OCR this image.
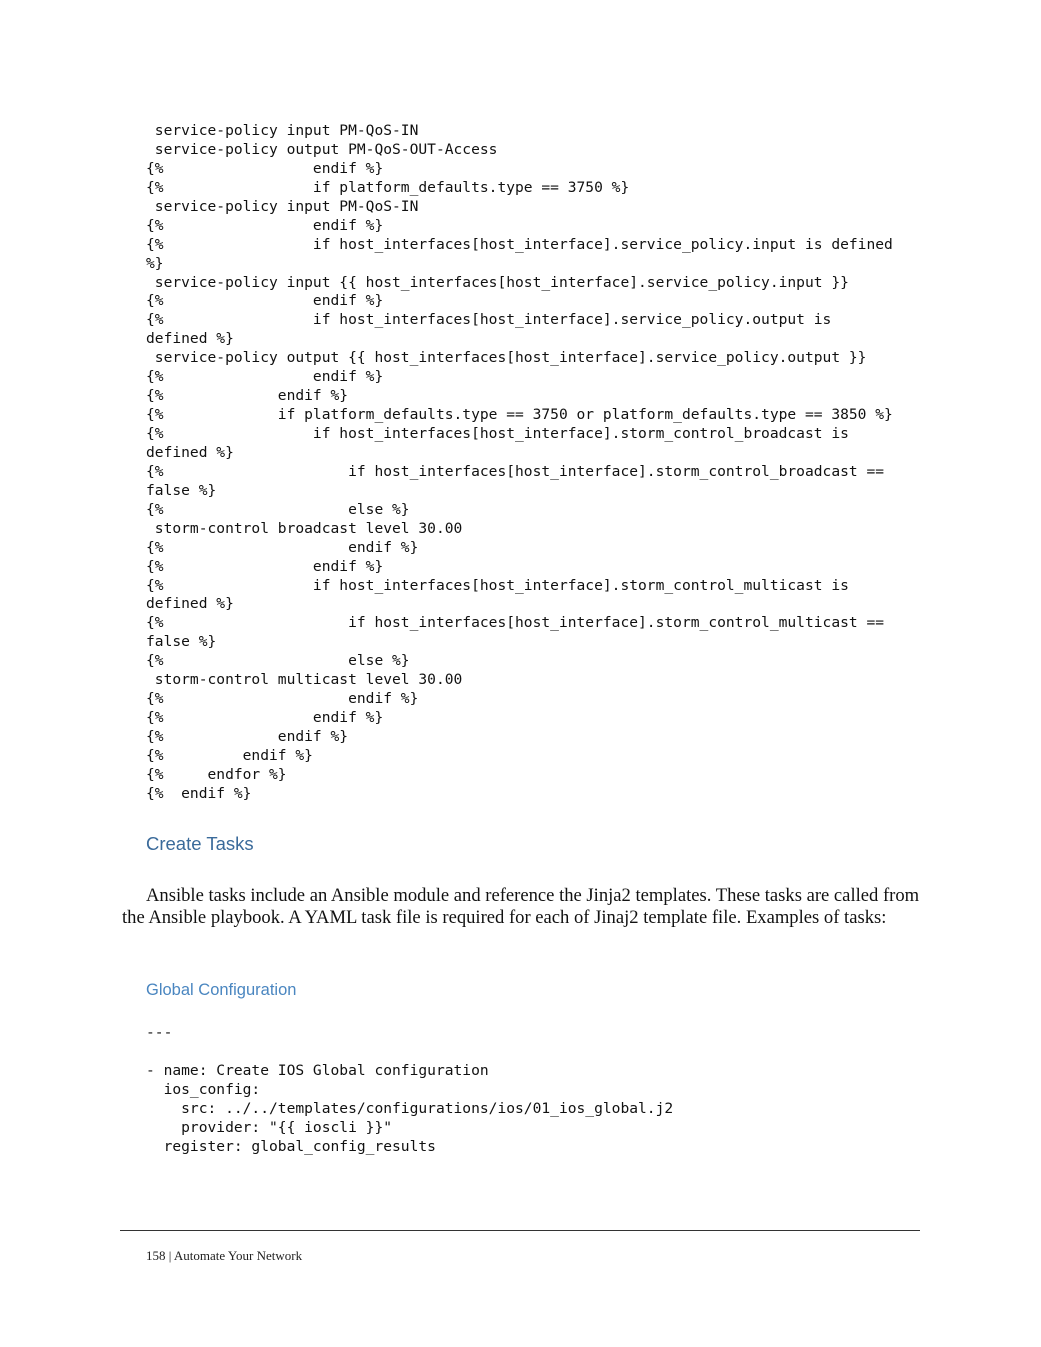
service-policy input PM-QoS-IN
service-policy output PM-QoS-OUT-Access
{%                 endif %}
{%                 if platform_defaults.type == 3750 %}
service-policy input PM-QoS-IN
{%                 endif %}
{%                 if host_interfaces[host_interface].service_policy.input is defined
%}
service-policy input {{ host_interfaces[host_interface].service_policy.input }}
{%                 endif %}
{%                 if host_interfaces[host_interface].service_policy.output is
defined %}
service-policy output {{ host_interfaces[host_interface].service_policy.output }}
{%                 endif %}
{%             endif %}
{%             if platform_defaults.type == 3750 or platform_defaults.type == 3850 %}
{%                 if host_interfaces[host_interface].storm_control_broadcast is
defined %}
{%                     if host_interfaces[host_interface].storm_control_broadcast ==
false %}
{%                     else %}
storm-control broadcast level 30.00
{%                     endif %}
{%                 endif %}
{%                 if host_interfaces[host_interface].storm_control_multicast is
defined %}
{%                     if host_interfaces[host_interface].storm_control_multicast ==
false %}
{%                     else %}
storm-control multicast level 30.00
{%                     endif %}
{%                 endif %}
{%             endif %}
{%         endif %}
{%     endfor %}
{%  endif %}
Create Tasks

Ansible tasks include an Ansible module and reference the Jinja2 templates. These tasks are called from the Ansible playbook. A YAML task file is required for each of Jinaj2 template file. Examples of tasks:

Global Configuration
---
- name: Create IOS Global configuration
ios_config:
src: ../../templates/configurations/ios/01_ios_global.j2
provider: "{{ ioscli }}"
register: global_config_results
158 | Automate Your Network
